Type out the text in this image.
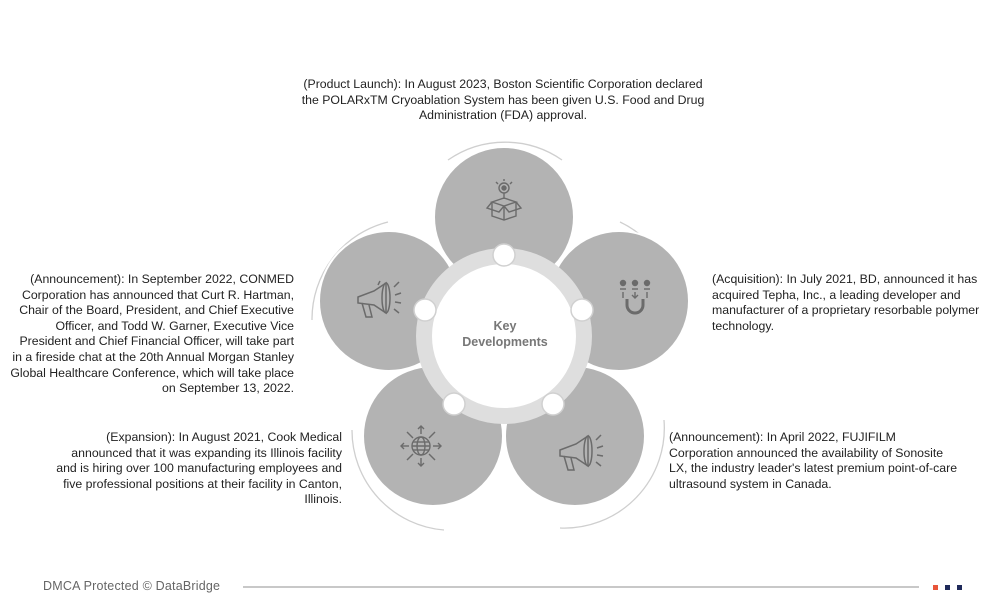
Key
Developments
(Product Launch): In August 2023, Boston Scientific Corporation declared the POLARxTM Cryoablation System has been given U.S. Food and Drug Administration (FDA) approval.
(Acquisition): In July 2021, BD, announced it has acquired Tepha, Inc., a leading developer and manufacturer of a proprietary resorbable polymer technology.
(Announcement): In April 2022, FUJIFILM Corporation announced the availability of Sonosite LX, the industry leader's latest premium point-of-care ultrasound system in Canada.
(Expansion): In August 2021, Cook Medical announced that it was expanding its Illinois facility and is hiring over 100 manufacturing employees and five professional positions at their facility in Canton, Illinois.
(Announcement): In September 2022, CONMED Corporation has announced that Curt R. Hartman, Chair of the Board, President, and Chief Executive Officer, and Todd W. Garner, Executive Vice President and Chief Financial Officer, will take part in a fireside chat at the 20th Annual Morgan Stanley Global Healthcare Conference, which will take place on September 13, 2022.
DMCA Protected © DataBridge
